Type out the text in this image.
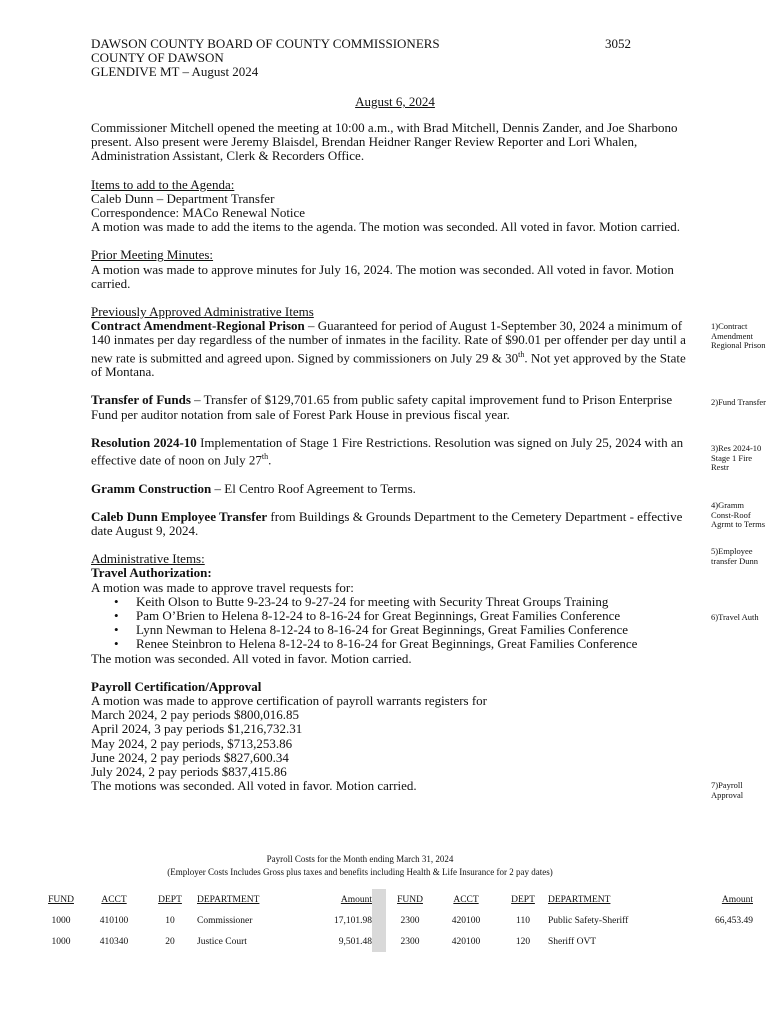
DAWSON COUNTY BOARD OF COUNTY COMMISSIONERS
COUNTY OF DAWSON
GLENDIVE MT – August 2024
3052
August 6, 2024

Commissioner Mitchell opened the meeting at 10:00 a.m., with Brad Mitchell, Dennis Zander, and Joe Sharbono present. Also present were Jeremy Blaisdel, Brendan Heidner Ranger Review Reporter and Lori Whalen, Administration Assistant, Clerk & Recorders Office.

Items to add to the Agenda:

Caleb Dunn – Department Transfer

Correspondence: MACo Renewal Notice

A motion was made to add the items to the agenda. The motion was seconded. All voted in favor. Motion carried.

Prior Meeting Minutes:

A motion was made to approve minutes for July 16, 2024. The motion was seconded. All voted in favor. Motion carried.

Previously Approved Administrative Items

Contract Amendment-Regional Prison – Guaranteed for period of August 1-September 30, 2024 a minimum of 140 inmates per day regardless of the number of inmates in the facility. Rate of $90.01 per offender per day until a new rate is submitted and agreed upon. Signed by commissioners on July 29 & 30th. Not yet approved by the State of Montana.

Transfer of Funds – Transfer of $129,701.65 from public safety capital improvement fund to Prison Enterprise Fund per auditor notation from sale of Forest Park House in previous fiscal year.

Resolution 2024-10 Implementation of Stage 1 Fire Restrictions. Resolution was signed on July 25, 2024 with an effective date of noon on July 27th.

Gramm Construction – El Centro Roof Agreement to Terms.

Caleb Dunn Employee Transfer from Buildings & Grounds Department to the Cemetery Department - effective date August 9, 2024.

Administrative Items:

Travel Authorization:

A motion was made to approve travel requests for:

• Keith Olson to Butte 9-23-24 to 9-27-24 for meeting with Security Threat Groups Training
• Pam O’Brien to Helena 8-12-24 to 8-16-24 for Great Beginnings, Great Families Conference
• Lynn Newman to Helena 8-12-24 to 8-16-24 for Great Beginnings, Great Families Conference
• Renee Steinbron to Helena 8-12-24 to 8-16-24 for Great Beginnings, Great Families Conference

The motion was seconded. All voted in favor. Motion carried.

Payroll Certification/Approval

A motion was made to approve certification of payroll warrants registers for

March 2024, 2 pay periods $800,016.85

April 2024, 3 pay periods $1,216,732.31

May 2024, 2 pay periods, $713,253.86

June 2024, 2 pay periods $827,600.34

July 2024, 2 pay periods $837,415.86

The motions was seconded. All voted in favor. Motion carried.

1)Contract Amendment Regional Prison
2)Fund Transfer
3)Res 2024-10 Stage 1 Fire Restr
4)Gramm Const-Roof Agrmt to Terms
5)Employee transfer Dunn
6)Travel Auth
7)Payroll Approval
Payroll Costs for the Month ending March 31, 2024
(Employer Costs Includes Gross plus taxes and benefits including Health & Life Insurance for 2 pay dates)
FUND	ACCT	DEPT	DEPARTMENT	Amount		FUND	ACCT	DEPT	DEPARTMENT	Amount
1000	410100	10	Commissioner	17,101.98		2300	420100	110	Public Safety-Sheriff	66,453.49
1000	410340	20	Justice Court	9,501.48		2300	420100	120	Sheriff OVT	
